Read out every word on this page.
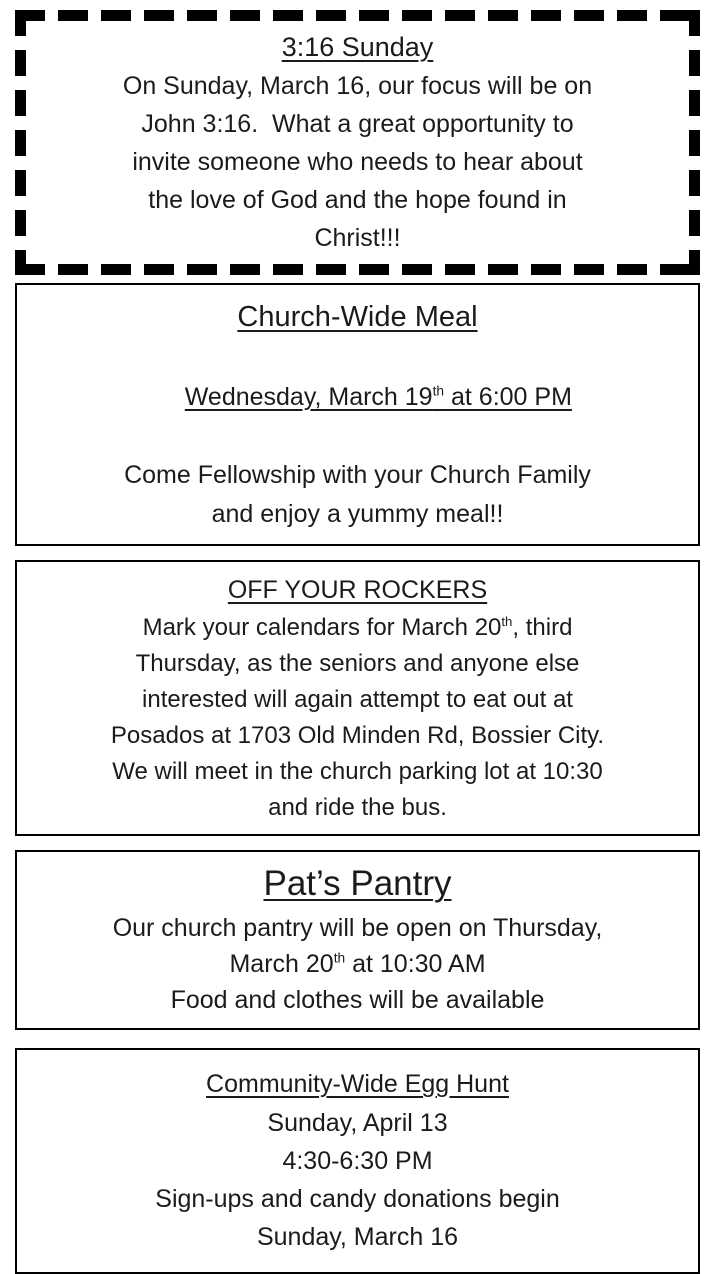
3:16 Sunday
On Sunday, March 16, our focus will be on
John 3:16.  What a great opportunity to
invite someone who needs to hear about
the love of God and the hope found in
Christ!!!
Church-Wide Meal

Wednesday, March 19th at 6:00 PM

Come Fellowship with your Church Family
and enjoy a yummy meal!!
OFF YOUR ROCKERS
Mark your calendars for March 20th, third
Thursday, as the seniors and anyone else
interested will again attempt to eat out at
Posados at 1703 Old Minden Rd, Bossier City.
We will meet in the church parking lot at 10:30
and ride the bus.
Pat’s Pantry
Our church pantry will be open on Thursday,
March 20th at 10:30 AM
Food and clothes will be available
Community-Wide Egg Hunt
Sunday, April 13
4:30-6:30 PM
Sign-ups and candy donations begin
Sunday, March 16
